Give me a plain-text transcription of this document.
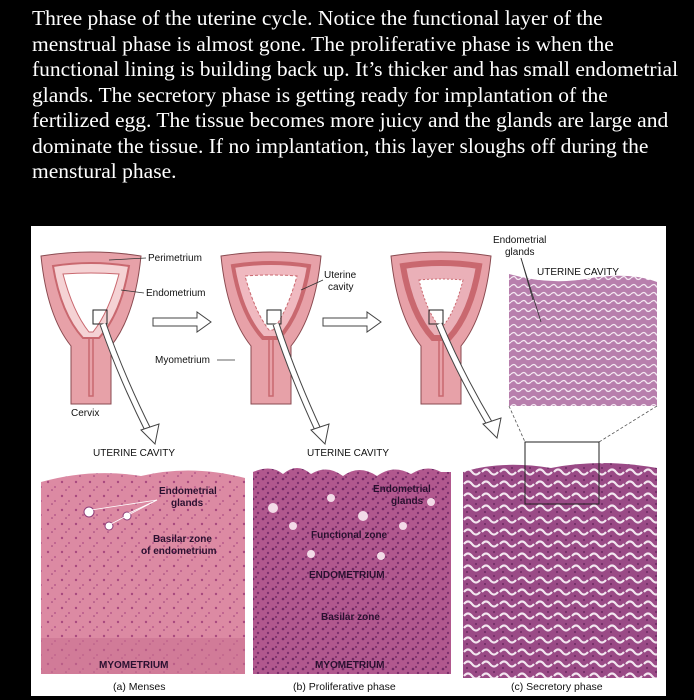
Three phase of the uterine cycle. Notice the functional layer of the menstrual phase is almost gone. The proliferative phase is when the functional lining is building back up. It’s thicker and has small endometrial glands. The secretory phase is getting ready for implantation of the fertilized egg. The tissue becomes more juicy and the glands are large and dominate the tissue. If no implantation, this layer sloughs off during the menstural phase.

Perimetrium
Endometrium
Myometrium
Cervix
Uterine
cavity
Endometrial
glands
UTERINE CAVITY
UTERINE CAVITY
Endometrial
glands
Basilar zone
of endometrium
MYOMETRIUM
(a) Menses
UTERINE CAVITY
Endometrial
glands
Functional zone
ENDOMETRIUM
Basilar zone
MYOMETRIUM
(b) Proliferative phase	(c) Secretory phase
